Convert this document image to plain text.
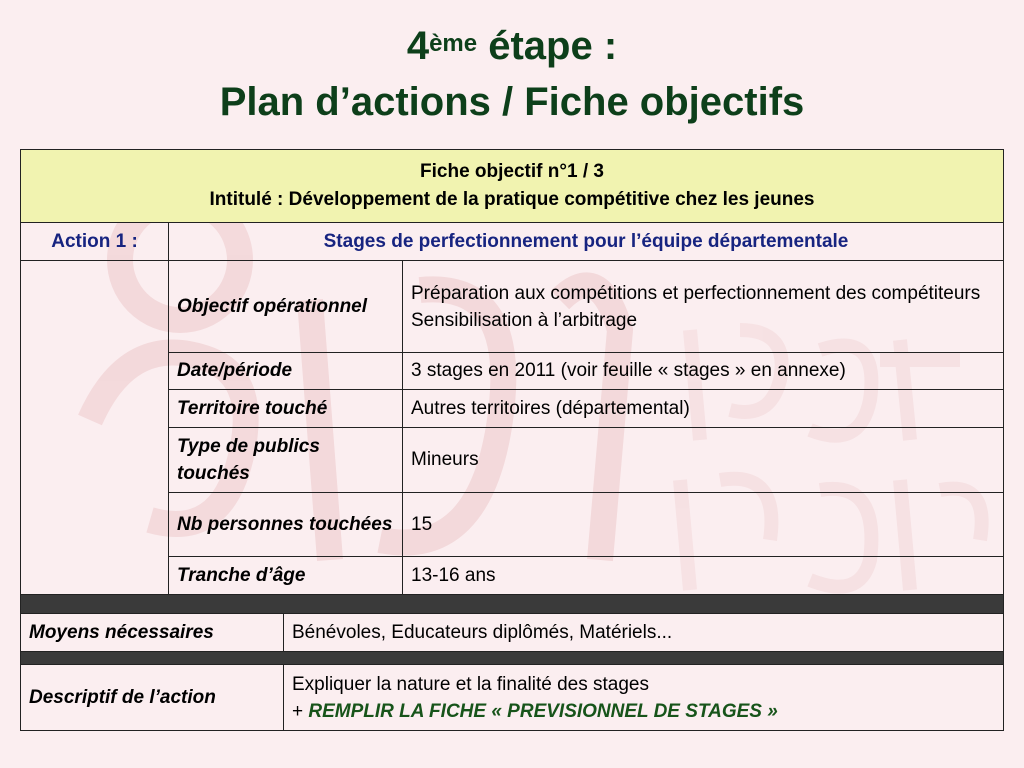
4ème étape :
Plan d’actions / Fiche objectifs
Fiche objectif n°1 / 3
Intitulé : Développement de la pratique compétitive chez les jeunes		

Action 1 :	Stages de perfectionnement pour l’équipe départementale	
	Objectif opérationnel	Préparation aux compétitions et perfectionnement des compétiteurs
Sensibilisation à l’arbitrage

	Date/période	3 stages en 2011 (voir feuille « stages » en annexe)
	Territoire touché	Autres territoires (départemental)
	Type de publics touchés	Mineurs
	Nb personnes touchées	15
	Tranche d’âge	13-16 ans

Moyens nécessaires	Bénévoles, Educateurs diplômés, Matériels...

Descriptif de l’action	Expliquer la nature et la finalité des stages
+ REMPLIR LA FICHE « PREVISIONNEL DE STAGES »
